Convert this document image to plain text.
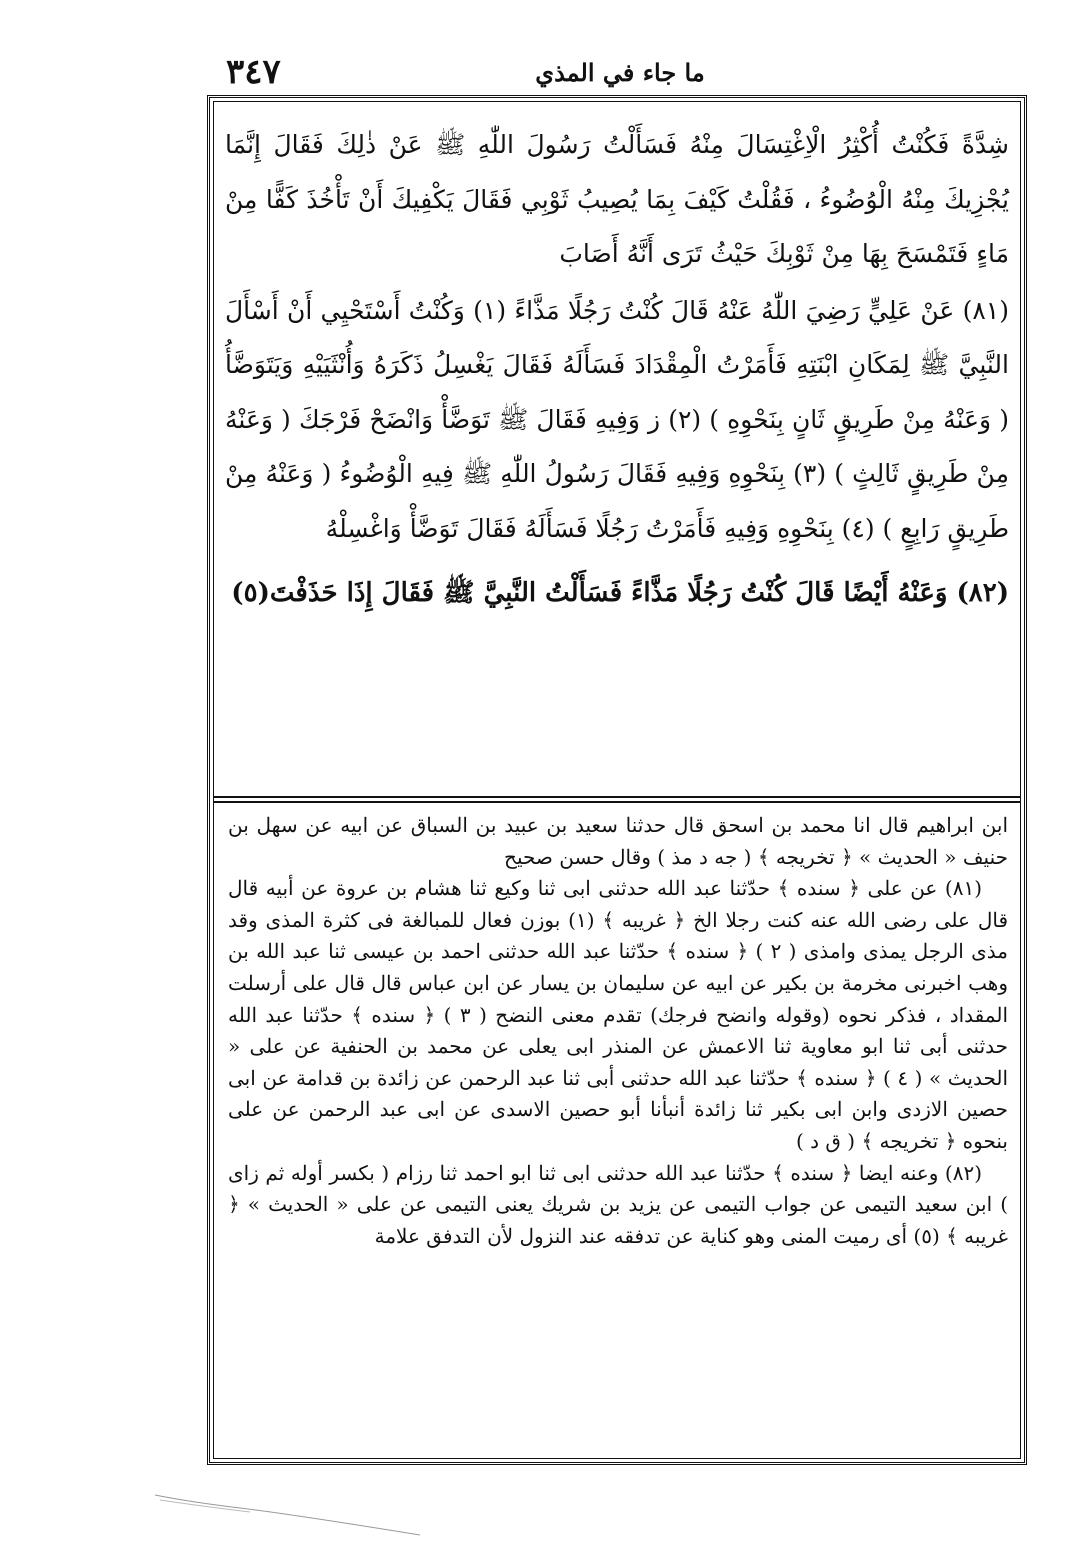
٣٤٧	ما جاء في المذي

شِدَّةً فَكُنْتُ أُكْثِرُ الْاِغْتِسَالَ مِنْهُ فَسَأَلْتُ رَسُولَ اللّٰهِ ﷺ عَنْ ذٰلِكَ فَقَالَ إِنَّمَا يُجْزِيكَ مِنْهُ الْوُضُوءُ ، فَقُلْتُ كَيْفَ بِمَا يُصِيبُ ثَوْبِي فَقَالَ يَكْفِيكَ أَنْ تَأْخُذَ كَفًّا مِنْ مَاءٍ فَتَمْسَحَ بِهَا مِنْ ثَوْبِكَ حَيْثُ تَرَى أَنَّهُ أَصَابَ

(٨١) عَنْ عَلِيٍّ رَضِيَ اللّٰهُ عَنْهُ قَالَ كُنْتُ رَجُلًا مَذَّاءً (١) وَكُنْتُ أَسْتَحْيِي أَنْ أَسْأَلَ النَّبِيَّ ﷺ لِمَكَانِ ابْنَتِهِ فَأَمَرْتُ الْمِقْدَادَ فَسَأَلَهُ فَقَالَ يَغْسِلُ ذَكَرَهُ وَأُنْثَيَيْهِ وَيَتَوَضَّأُ ( وَعَنْهُ مِنْ طَرِيقٍ ثَانٍ بِنَحْوِهِ ) (٢) ز وَفِيهِ فَقَالَ ﷺ تَوَضَّأْ وَانْضَحْ فَرْجَكَ ( وَعَنْهُ مِنْ طَرِيقٍ ثَالِثٍ ) (٣) بِنَحْوِهِ وَفِيهِ فَقَالَ رَسُولُ اللّٰهِ ﷺ فِيهِ الْوُضُوءُ ( وَعَنْهُ مِنْ طَرِيقٍ رَابِعٍ ) (٤) بِنَحْوِهِ وَفِيهِ فَأَمَرْتُ رَجُلًا فَسَأَلَهُ فَقَالَ تَوَضَّأْ وَاغْسِلْهُ

(٨٢) وَعَنْهُ أَيْضًا قَالَ كُنْتُ رَجُلًا مَذَّاءً فَسَأَلْتُ النَّبِيَّ ﷺ فَقَالَ إِذَا حَذَفْتَ(٥)

ابن ابراهيم قال انا محمد بن اسحق قال حدثنا سعيد بن عبيد بن السباق عن ابيه عن سهل بن حنيف « الحديث » ﴿ تخريجه ﴾ ( جه د مذ ) وقال حسن صحيح

(٨١) عن على ﴿ سنده ﴾ حدّثنا عبد الله حدثنى ابى ثنا وكيع ثنا هشام بن عروة عن أبيه قال قال على رضى الله عنه كنت رجلا الخ ﴿ غريبه ﴾ (١) بوزن فعال للمبالغة فى كثرة المذى وقد مذى الرجل يمذى وامذى ( ٢ ) ﴿ سنده ﴾ حدّثنا عبد الله حدثنى احمد بن عيسى ثنا عبد الله بن وهب اخبرنى مخرمة بن بكير عن ابيه عن سليمان بن يسار عن ابن عباس قال قال على أرسلت المقداد ، فذكر نحوه (وقوله وانضح فرجك) تقدم معنى النضح ( ٣ ) ﴿ سنده ﴾ حدّثنا عبد الله حدثنى أبى ثنا ابو معاوية ثنا الاعمش عن المنذر ابى يعلى عن محمد بن الحنفية عن على « الحديث » ( ٤ ) ﴿ سنده ﴾ حدّثنا عبد الله حدثنى أبى ثنا عبد الرحمن عن زائدة بن قدامة عن ابى حصين الازدى وابن ابى بكير ثنا زائدة أنبأنا أبو حصين الاسدى عن ابى عبد الرحمن عن على بنحوه ﴿ تخريجه ﴾ ( ق د )

(٨٢) وعنه ايضا ﴿ سنده ﴾ حدّثنا عبد الله حدثنى ابى ثنا ابو احمد ثنا رزام ( بكسر أوله ثم زاى ) ابن سعيد التيمى عن جواب التيمى عن يزيد بن شريك يعنى التيمى عن على « الحديث » ﴿ غريبه ﴾ (٥) أى رميت المنى وهو كناية عن تدفقه عند النزول لأن التدفق علامة
